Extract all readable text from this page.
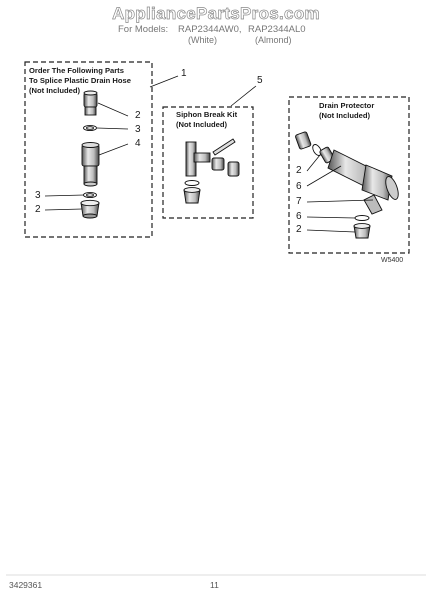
AppliancePartsPros.com
For Models: RAP2344AW0, RAP2344AL0
(White)	(Almond)
Order The Following Parts
To Splice Plastic Drain Hose
(Not Included)
Siphon Break Kit
(Not Included)
Drain Protector
(Not Included)
1
2
3
4
3
2
5
2
6
7
6
2
W5400
3429361	11
